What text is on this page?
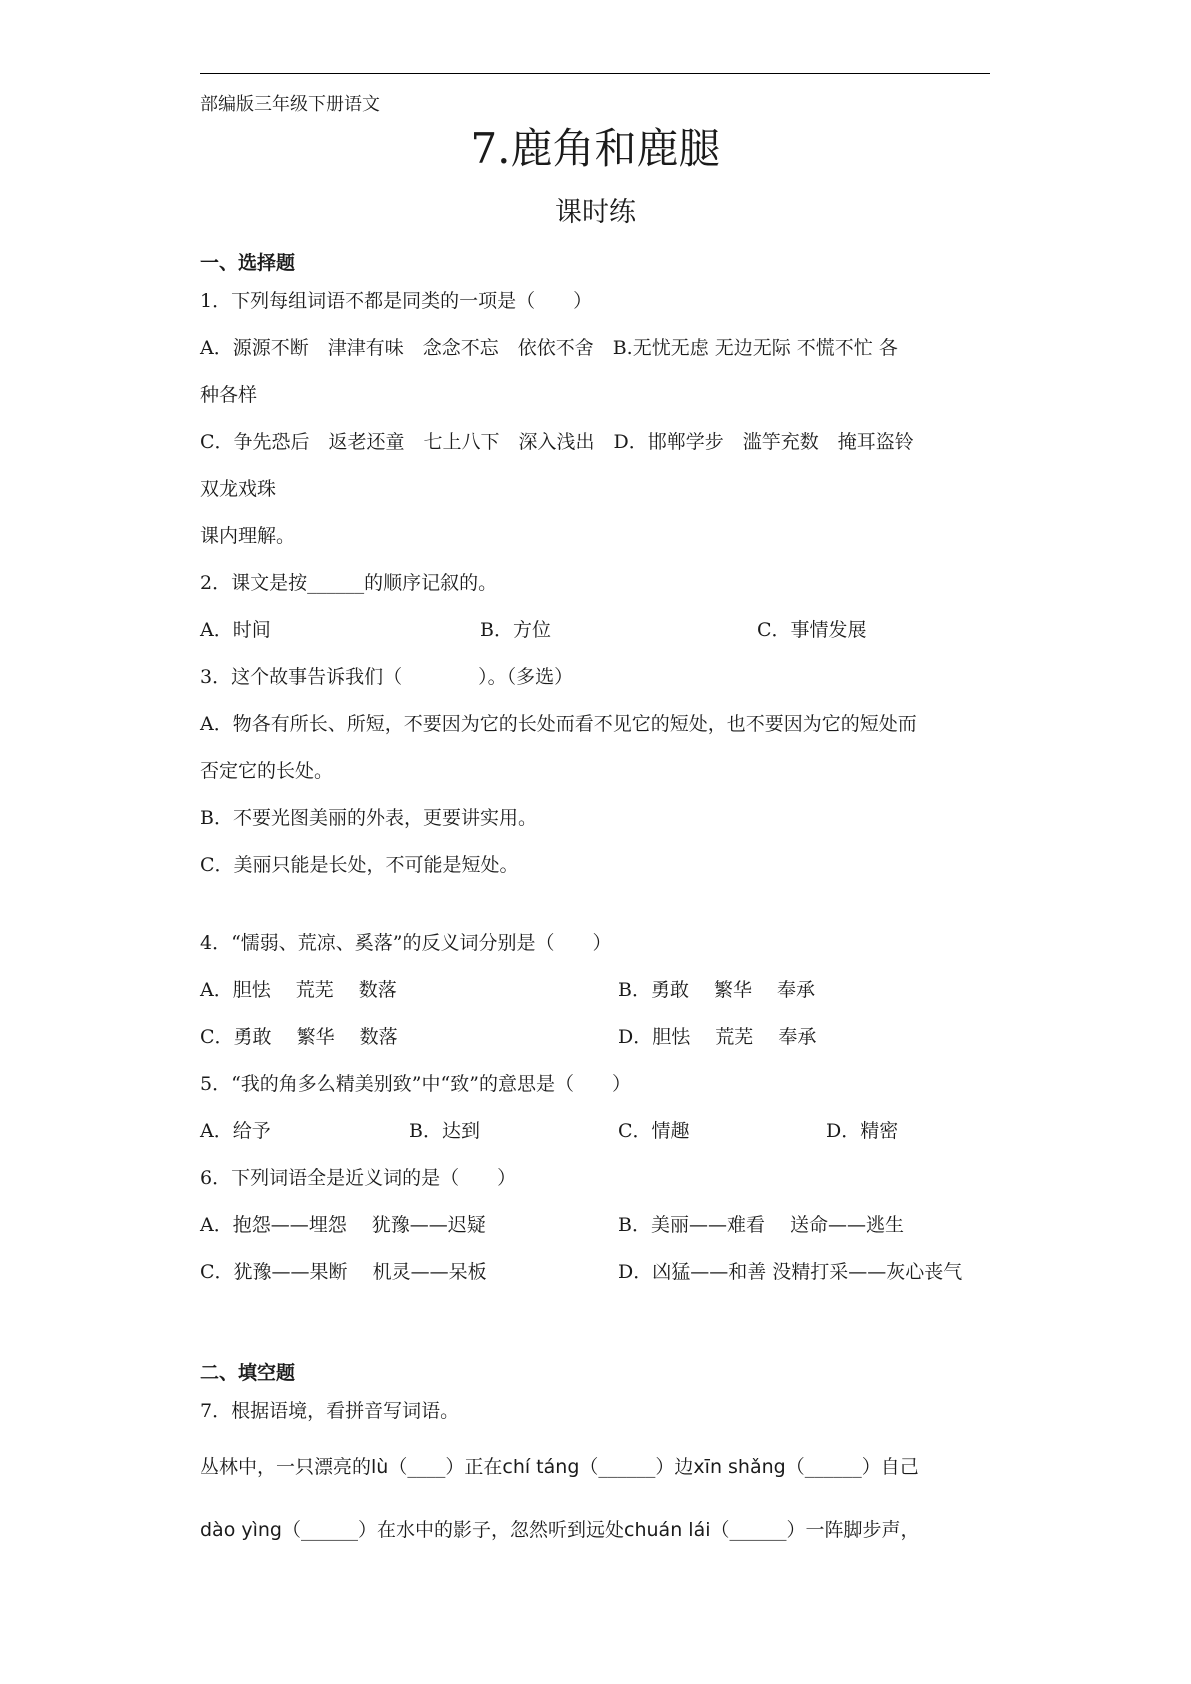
部编版三年级下册语文
7.鹿角和鹿腿
课时练
一、选择题
1．下列每组词语不都是同类的一项是（　　）
A．源源不断　津津有味　念念不忘　依依不舍　B.无忧无虑 无边无际 不慌不忙 各
种各样
C．争先恐后　返老还童　七上八下　深入浅出　D．邯郸学步　滥竽充数　掩耳盗铃
双龙戏珠
课内理解。
2．课文是按______的顺序记叙的。
A．时间	B．方位	C．事情发展
3．这个故事告诉我们（　　　　）。（多选）
A．物各有所长、所短，不要因为它的长处而看不见它的短处，也不要因为它的短处而
否定它的长处。
B．不要光图美丽的外表，更要讲实用。
C．美丽只能是长处，不可能是短处。
4．“懦弱、荒凉、奚落”的反义词分别是（　　）
A．胆怯　 荒芜　 数落	B．勇敢　 繁华　 奉承
C．勇敢　 繁华　 数落	D．胆怯　 荒芜　 奉承
5．“我的角多么精美别致”中“致”的意思是（　　）
A．给予	B．达到	C．情趣	D．精密
6．下列词语全是近义词的是（　　）
A．抱怨——埋怨　 犹豫——迟疑	B．美丽——难看　 送命——逃生
C．犹豫——果断　 机灵——呆板	D．凶猛——和善 没精打采——灰心丧气
二、填空题
7．根据语境，看拼音写词语。
丛林中，一只漂亮的lù（____）正在chí táng（______）边xīn shǎng（______）自己
dào yìng（______）在水中的影子，忽然听到远处chuán lái（______）一阵脚步声，
